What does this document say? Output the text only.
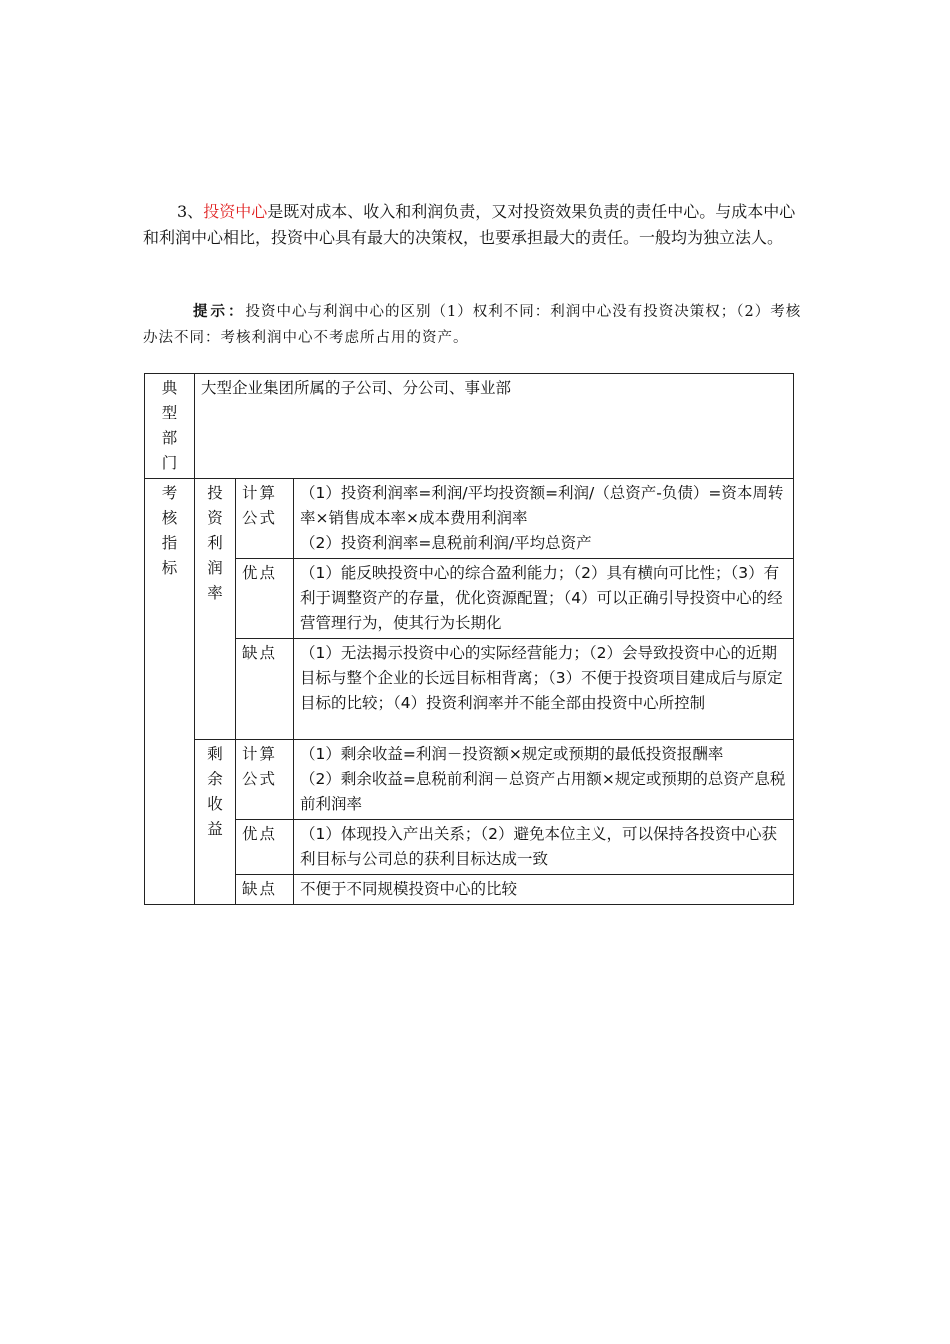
3、投资中心是既对成本、收入和利润负责，又对投资效果负责的责任中心。与成本中心和利润中心相比，投资中心具有最大的决策权，也要承担最大的责任。一般均为独立法人。

提示：投资中心与利润中心的区别（1）权利不同：利润中心没有投资决策权；（2）考核办法不同：考核利润中心不考虑所占用的资产。

典型部门	大型企业集团所属的子公司、分公司、事业部		

考核指标	投资利润率	计算公式	（1）投资利润率=利润/平均投资额=利润/（总资产-负债）=资本周转率×销售成本率×成本费用利润率
（2）投资利润率=息税前利润/平均总资产
		优点	（1）能反映投资中心的综合盈利能力；（2）具有横向可比性；（3）有利于调整资产的存量，优化资源配置；（4）可以正确引导投资中心的经营管理行为，使其行为长期化
		缺点	（1）无法揭示投资中心的实际经营能力；（2）会导致投资中心的近期目标与整个企业的长远目标相背离；（3）不便于投资项目建成后与原定目标的比较；（4）投资利润率并不能全部由投资中心所控制

	剩余收益	计算公式	（1）剩余收益=利润－投资额×规定或预期的最低投资报酬率
（2）剩余收益=息税前利润－总资产占用额×规定或预期的总资产息税前利润率
		优点	（1）体现投入产出关系；（2）避免本位主义，可以保持各投资中心获利目标与公司总的获利目标达成一致
		缺点	不便于不同规模投资中心的比较
